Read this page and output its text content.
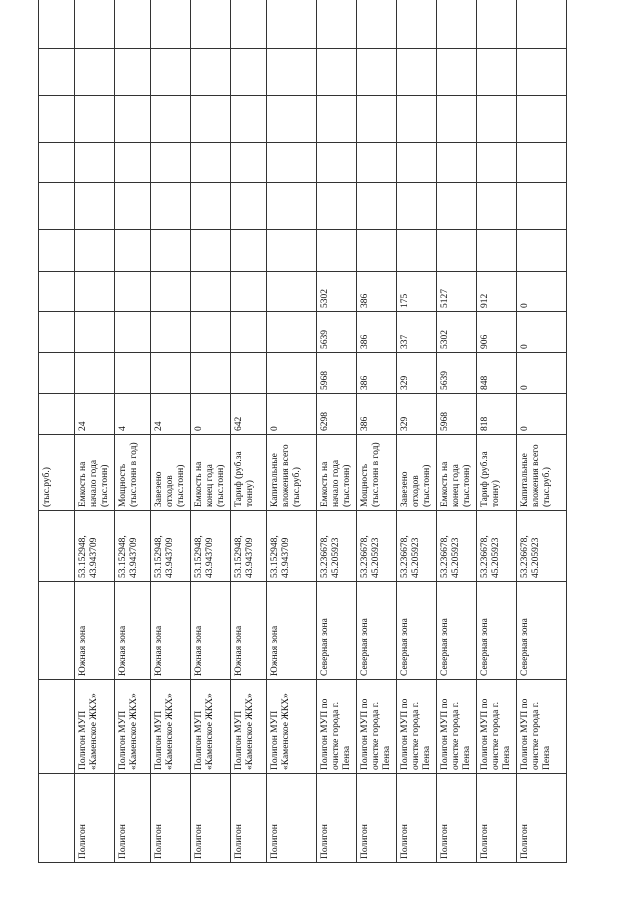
				(тыс.руб.)										
Полигон	Полигон МУП «Каменское ЖКХ»	Южная зона	53.152948, 43.943709	Емкость на начало года (тыс.тонн)	24									
Полигон	Полигон МУП «Каменское ЖКХ»	Южная зона	53.152948, 43.943709	Мощность (тыс.тонн в год)	4									
Полигон	Полигон МУП «Каменское ЖКХ»	Южная зона	53.152948, 43.943709	Завезено отходов (тыс.тонн)	24									
Полигон	Полигон МУП «Каменское ЖКХ»	Южная зона	53.152948, 43.943709	Емкость на конец года (тыс.тонн)	0									
Полигон	Полигон МУП «Каменское ЖКХ»	Южная зона	53.152948, 43.943709	Тариф (руб.за тонну)	642									
Полигон	Полигон МУП «Каменское ЖКХ»	Южная зона	53.152948, 43.943709	Капитальные вложения всего (тыс.руб.)	0									
Полигон	Полигон МУП по очистке города г. Пенза	Северная зона	53.236678, 45.205923	Емкость на начало года (тыс.тонн)	6298	5968	5639	5302						
Полигон	Полигон МУП по очистке города г. Пенза	Северная зона	53.236678, 45.205923	Мощность (тыс.тонн в год)	386	386	386	386						
Полигон	Полигон МУП по очистке города г. Пенза	Северная зона	53.236678, 45.205923	Завезено отходов (тыс.тонн)	329	329	337	175						
Полигон	Полигон МУП по очистке города г. Пенза	Северная зона	53.236678, 45.205923	Емкость на конец года (тыс.тонн)	5968	5639	5302	5127						
Полигон	Полигон МУП по очистке города г. Пенза	Северная зона	53.236678, 45.205923	Тариф (руб.за тонну)	818	848	906	912						
Полигон	Полигон МУП по очистке города г. Пенза	Северная зона	53.236678, 45.205923	Капитальные вложения всего (тыс.руб.)	0	0	0	0						
